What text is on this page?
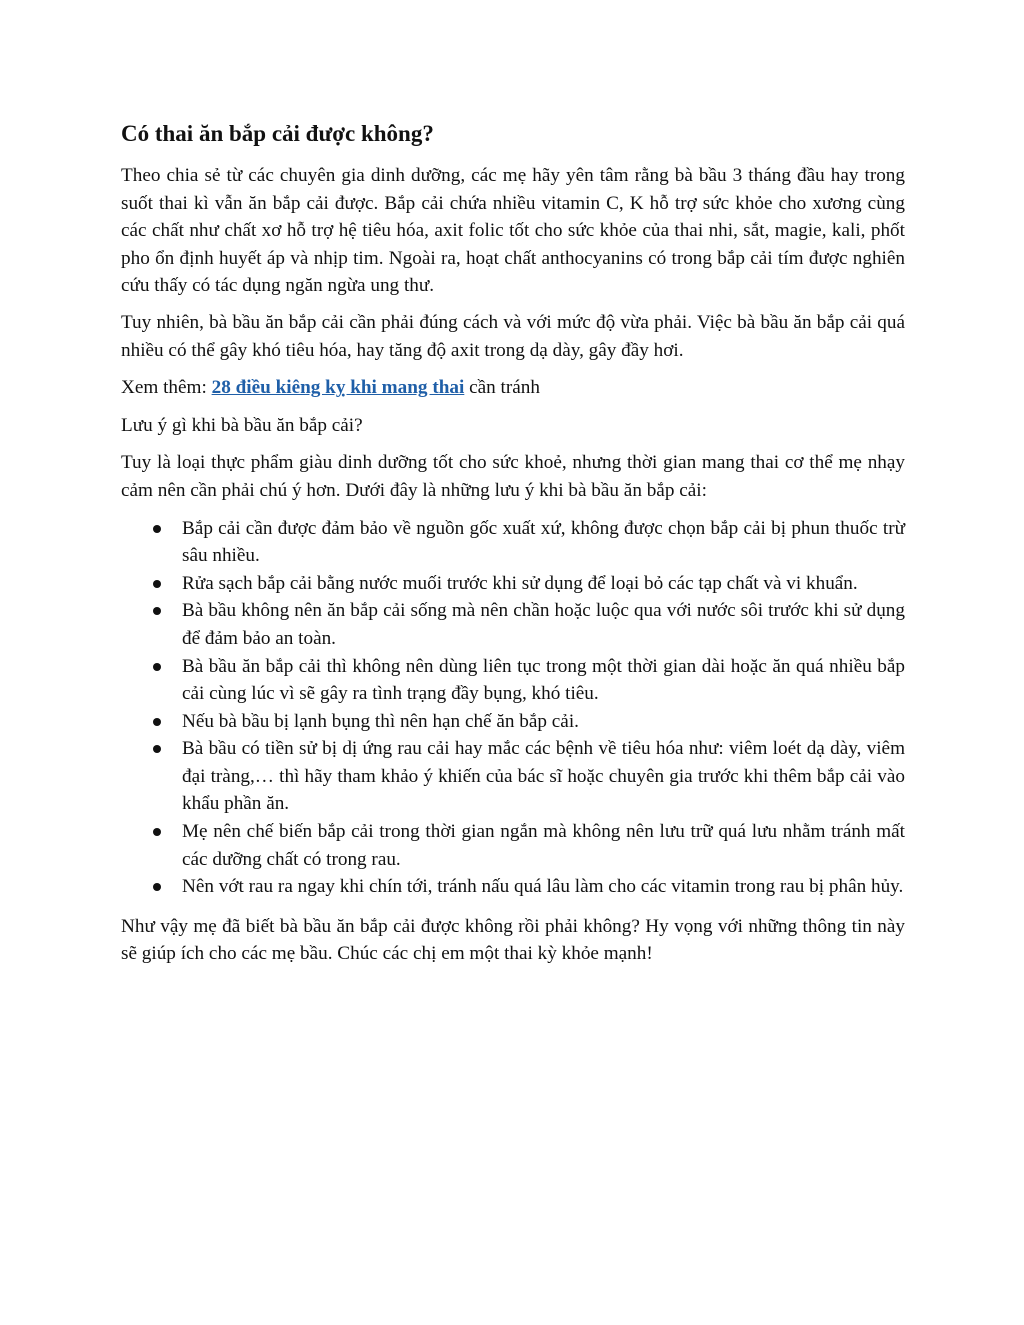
Có thai ăn bắp cải được không?

Theo chia sẻ từ các chuyên gia dinh dưỡng, các mẹ hãy yên tâm rằng bà bầu 3 tháng đầu hay trong suốt thai kì vẫn ăn bắp cải được. Bắp cải chứa nhiều vitamin C, K hỗ trợ sức khỏe cho xương cùng các chất như chất xơ hỗ trợ hệ tiêu hóa, axit folic tốt cho sức khỏe của thai nhi, sắt, magie, kali, phốt pho ổn định huyết áp và nhịp tim. Ngoài ra, hoạt chất anthocyanins có trong bắp cải tím được nghiên cứu thấy có tác dụng ngăn ngừa ung thư.

Tuy nhiên, bà bầu ăn bắp cải cần phải đúng cách và với mức độ vừa phải. Việc bà bầu ăn bắp cải quá nhiều có thể gây khó tiêu hóa, hay tăng độ axit trong dạ dày, gây đầy hơi.

Xem thêm: 28 điều kiêng kỵ khi mang thai cần tránh

Lưu ý gì khi bà bầu ăn bắp cải?

Tuy là loại thực phẩm giàu dinh dưỡng tốt cho sức khoẻ, nhưng thời gian mang thai cơ thể mẹ nhạy cảm nên cần phải chú ý hơn. Dưới đây là những lưu ý khi bà bầu ăn bắp cải:

Bắp cải cần được đảm bảo về nguồn gốc xuất xứ, không được chọn bắp cải bị phun thuốc trừ sâu nhiều.
Rửa sạch bắp cải bằng nước muối trước khi sử dụng để loại bỏ các tạp chất và vi khuẩn.
Bà bầu không nên ăn bắp cải sống mà nên chần hoặc luộc qua với nước sôi trước khi sử dụng để đảm bảo an toàn.
Bà bầu ăn bắp cải thì không nên dùng liên tục trong một thời gian dài hoặc ăn quá nhiều bắp cải cùng lúc vì sẽ gây ra tình trạng đầy bụng, khó tiêu.
Nếu bà bầu bị lạnh bụng thì nên hạn chế ăn bắp cải.
Bà bầu có tiền sử bị dị ứng rau cải hay mắc các bệnh về tiêu hóa như: viêm loét dạ dày, viêm đại tràng,… thì hãy tham khảo ý khiến của bác sĩ hoặc chuyên gia trước khi thêm bắp cải vào khẩu phần ăn.
Mẹ nên chế biến bắp cải trong thời gian ngắn mà không nên lưu trữ quá lưu nhằm tránh mất các dưỡng chất có trong rau.
Nên vớt rau ra ngay khi chín tới, tránh nấu quá lâu làm cho các vitamin trong rau bị phân hủy.

Như vậy mẹ đã biết bà bầu ăn bắp cải được không rồi phải không? Hy vọng với những thông tin này sẽ giúp ích cho các mẹ bầu. Chúc các chị em một thai kỳ khỏe mạnh!
